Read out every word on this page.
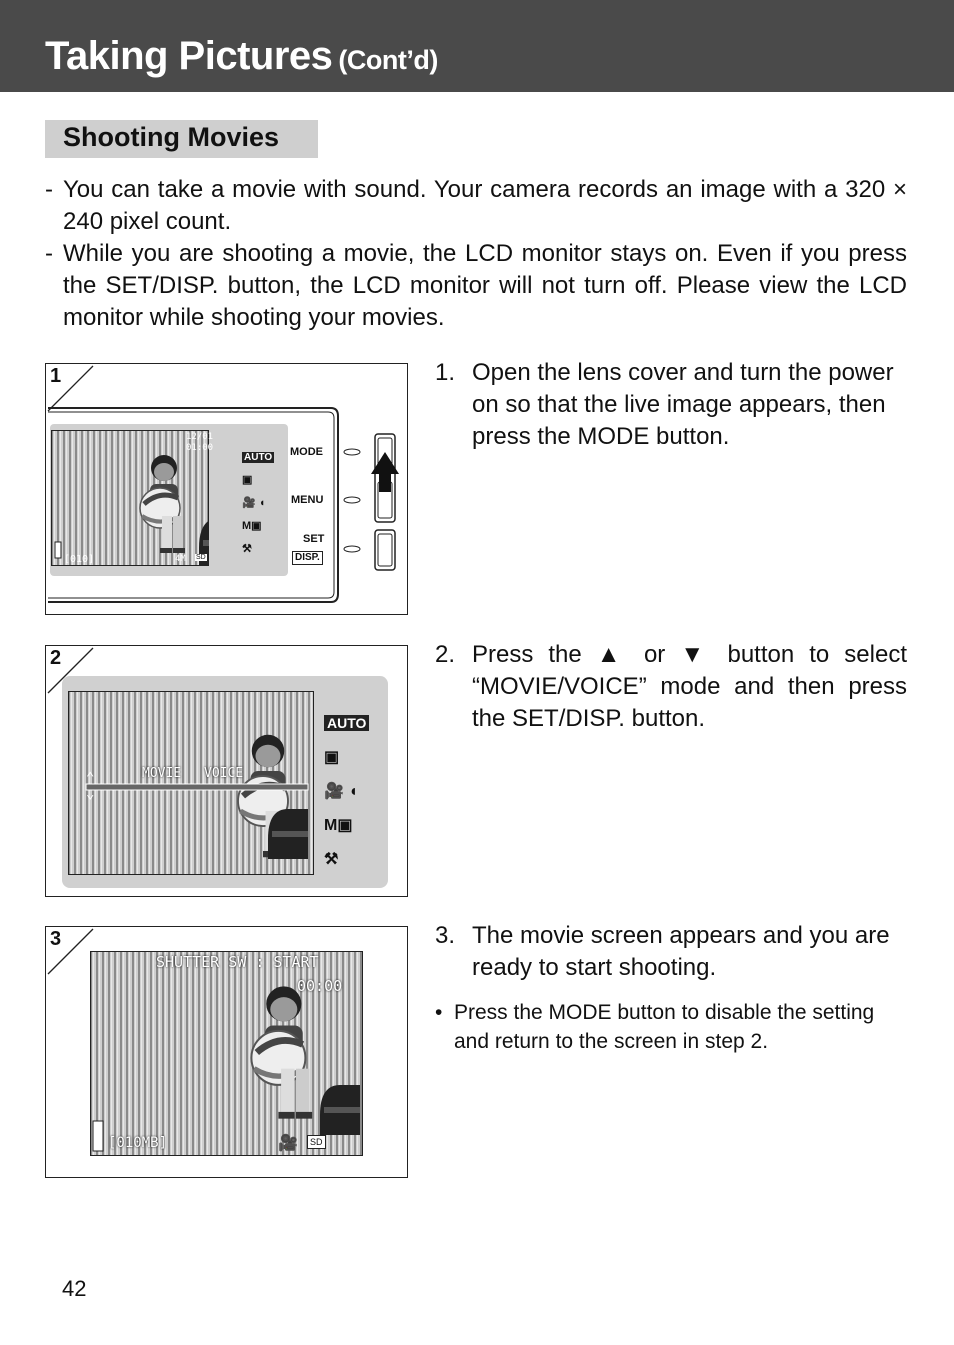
Taking Pictures (Cont’d)
Shooting Movies
- You can take a movie with sound. Your camera records an image with a 320 × 240 pixel count.
- While you are shooting a movie, the LCD monitor stays on. Even if you press the SET/DISP. button, the LCD monitor will not turn off. Please view the LCD monitor while shooting your movies.
1
12/01
01:00
[010]	4M SD
AUTO
▣
🎥 ◖
M▣
⚒
MODE
MENU
SET
DISP.
2
⌃
⌄
MOVIE VOICE
AUTO
▣
🎥 ◖
M▣
⚒
3
SHUTTER SW : START
00:00
[010MB]	🎥	SD
1. Open the lens cover and turn the power on so that the live image appears, then press the MODE button.
2. Press the ▲ or ▼ button to select “MOVIE/VOICE” mode and then press the SET/DISP. button.
3. The movie screen appears and you are ready to start shooting.
• Press the MODE button to disable the setting and return to the screen in step 2.
42
